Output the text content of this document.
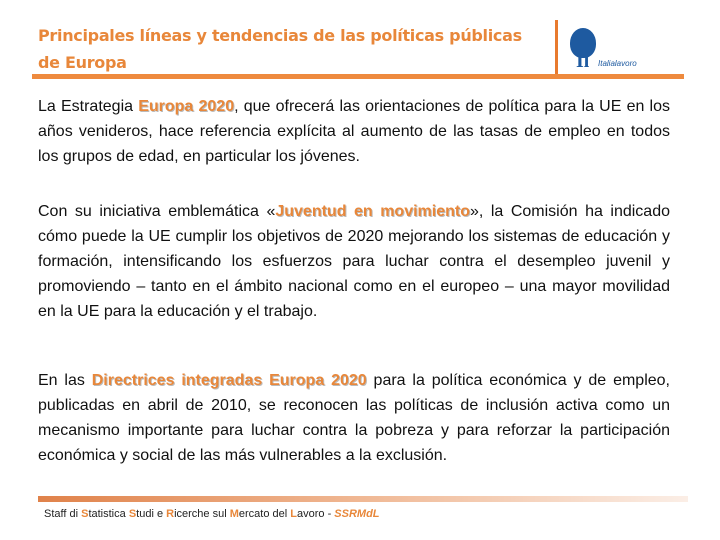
Principales líneas y tendencias de las políticas públicas de Europa	Il Italialavoro
La Estrategia Europa 2020, que ofrecerá las orientaciones de política para la UE en los años venideros, hace referencia explícita al aumento de las tasas de empleo en todos los grupos de edad, en particular los jóvenes.
Con su iniciativa emblemática «Juventud en movimiento», la Comisión ha indicado cómo puede la UE cumplir los objetivos de 2020 mejorando los sistemas de educación y formación, intensificando los esfuerzos para luchar contra el desempleo juvenil y promoviendo – tanto en el ámbito nacional como en el europeo – una mayor movilidad en la UE para la educación y el trabajo.
En las Directrices integradas Europa 2020 para la política económica y de empleo, publicadas en abril de 2010, se reconocen las políticas de inclusión activa como un mecanismo importante para luchar contra la pobreza y para reforzar la participación económica y social de las más vulnerables a la exclusión.
Staff di Statistica Studi e Ricerche sul Mercato del Lavoro - SSRMdL
